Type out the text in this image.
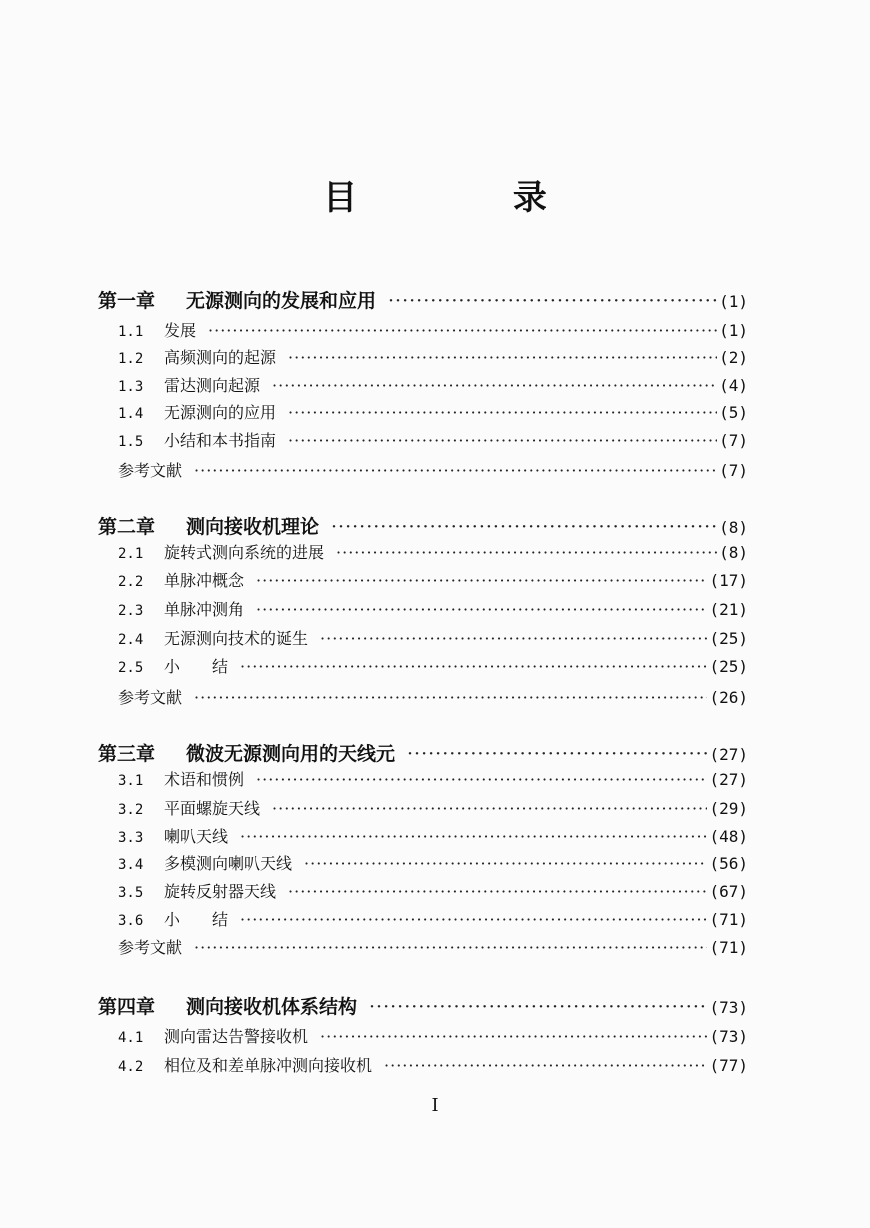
目 录
第一章	无源测向的发展和应用 ·····	(1)
1.1	发展 ·····	(1)
1.2	高频测向的起源 ·····	(2)
1.3	雷达测向起源 ·····	(4)
1.4	无源测向的应用 ·····	(5)
1.5	小结和本书指南 ·····	(7)
参考文献 ·····	(7)
第二章	测向接收机理论 ·····	(8)
2.1	旋转式测向系统的进展 ·····	(8)
2.2	单脉冲概念 ·····	(17)
2.3	单脉冲测角 ·····	(21)
2.4	无源测向技术的诞生 ·····	(25)
2.5	小　　结 ·····	(25)
参考文献 ·····	(26)
第三章	微波无源测向用的天线元 ·····	(27)
3.1	术语和惯例 ·····	(27)
3.2	平面螺旋天线 ·····	(29)
3.3	喇叭天线 ·····	(48)
3.4	多模测向喇叭天线 ·····	(56)
3.5	旋转反射器天线 ·····	(67)
3.6	小　　结 ·····	(71)
参考文献 ·····	(71)
第四章	测向接收机体系结构 ·····	(73)
4.1	测向雷达告警接收机 ·····	(73)
4.2	相位及和差单脉冲测向接收机 ·····	(77)
I
